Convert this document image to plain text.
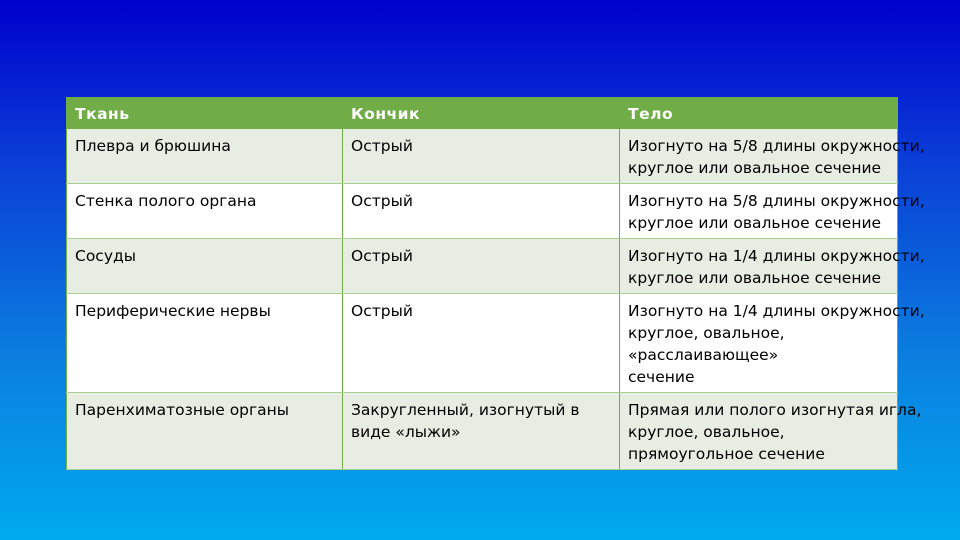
Ткань	Кончик	Тело
Плевра и брюшина	Острый	Изогнуто на 5/8 длины окружности,
круглое или овальное сечение

Стенка полого органа	Острый	Изогнуто на 5/8 длины окружности,
круглое или овальное сечение

Сосуды	Острый	Изогнуто на 1/4 длины окружности,
круглое или овальное сечение

Периферические нервы	Острый	Изогнуто на 1/4 длины окружности,
круглое, овальное, «расслаивающее» сечение

Паренхиматозные органы	Закругленный, изогнутый в виде «лыжи»	Прямая или полого изогнутая игла,
круглое, овальное, прямоугольное сечение
